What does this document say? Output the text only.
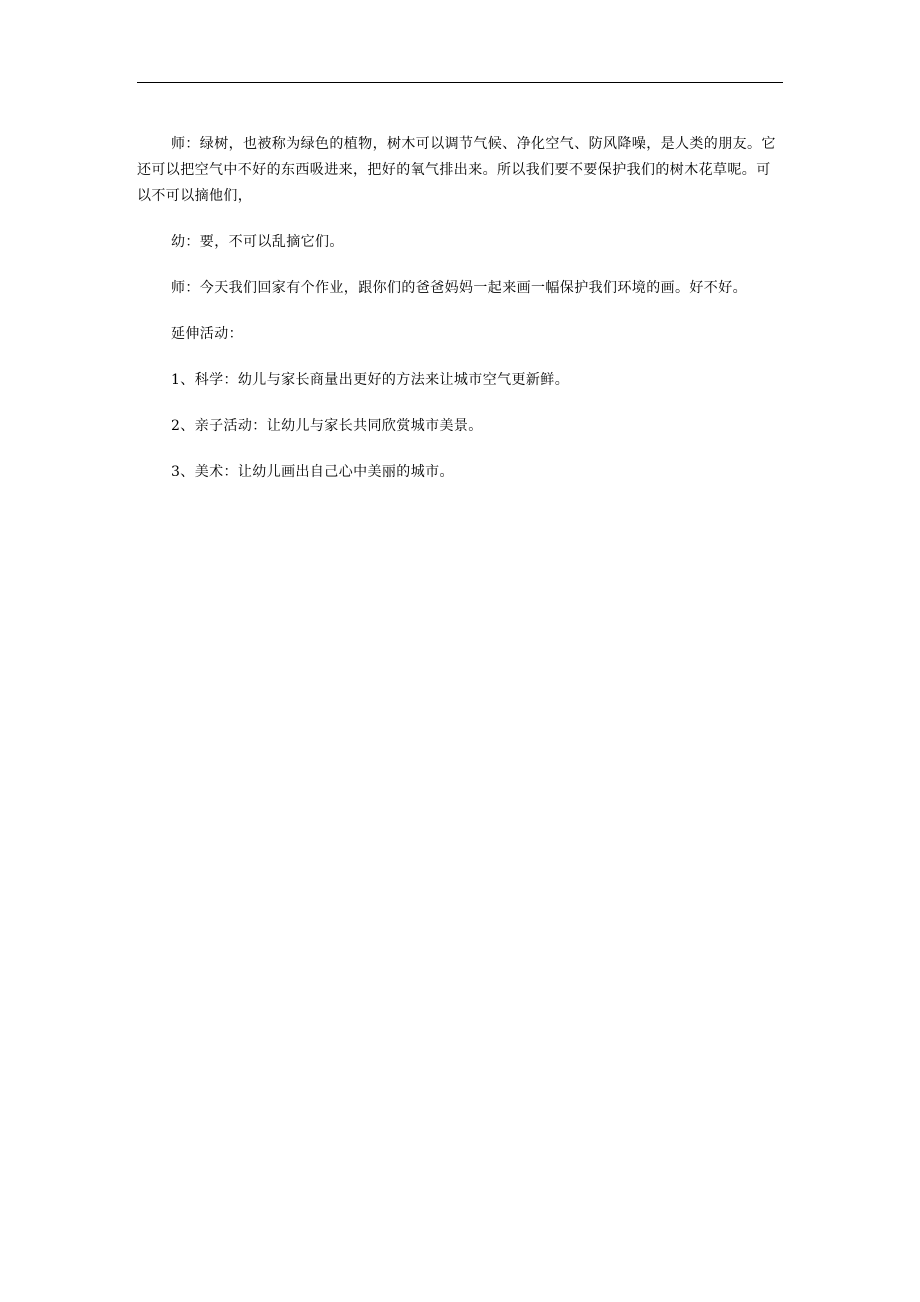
师：绿树，也被称为绿色的植物，树木可以调节气候、净化空气、防风降噪，是人类的朋友。它还可以把空气中不好的东西吸进来，把好的氧气排出来。所以我们要不要保护我们的树木花草呢。可以不可以摘他们，

幼：要，不可以乱摘它们。

师：今天我们回家有个作业，跟你们的爸爸妈妈一起来画一幅保护我们环境的画。好不好。

延伸活动：

1、科学：幼儿与家长商量出更好的方法来让城市空气更新鲜。

2、亲子活动：让幼儿与家长共同欣赏城市美景。

3、美术：让幼儿画出自己心中美丽的城市。
